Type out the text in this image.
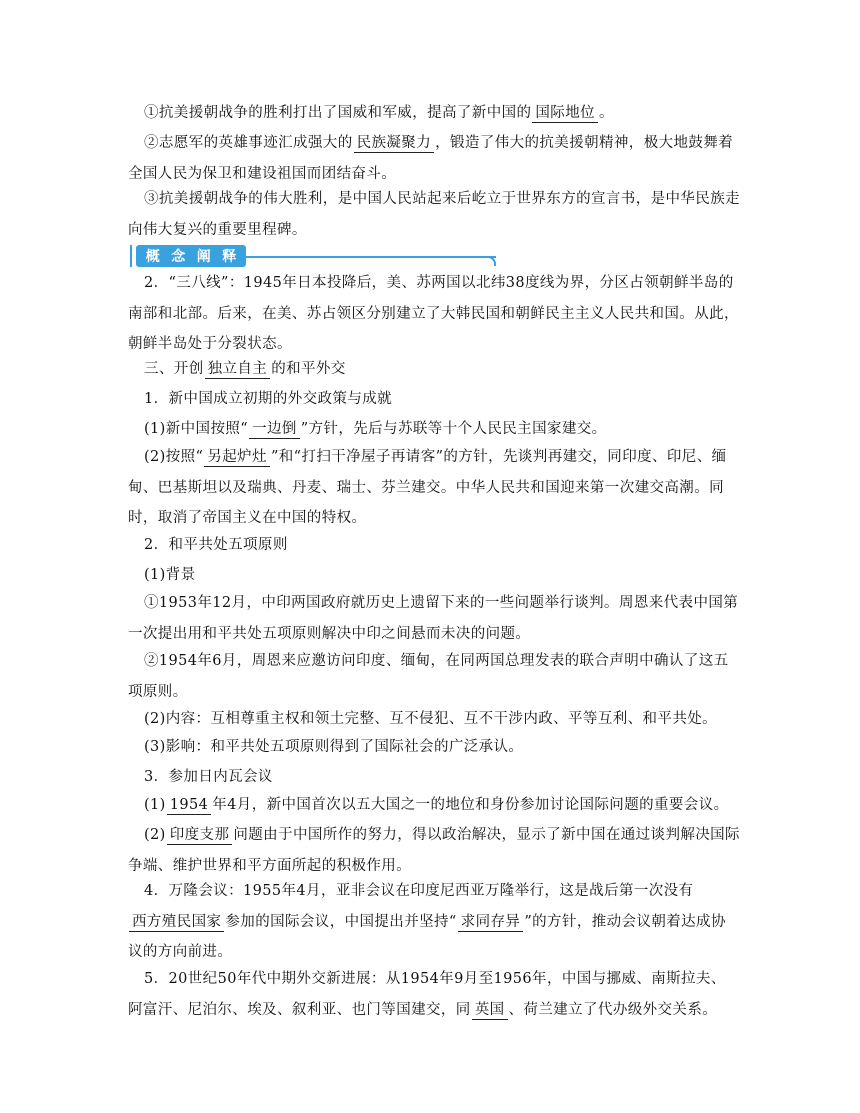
①抗美援朝战争的胜利打出了国威和军威，提高了新中国的 国际地位 。

②志愿军的英雄事迹汇成强大的 民族凝聚力 ，锻造了伟大的抗美援朝精神，极大地鼓舞着全国人民为保卫和建设祖国而团结奋斗。

③抗美援朝战争的伟大胜利，是中国人民站起来后屹立于世界东方的宣言书，是中华民族走向伟大复兴的重要里程碑。

概 念 阐 释

2．“三八线”：1945年日本投降后，美、苏两国以北纬38度线为界，分区占领朝鲜半岛的南部和北部。后来，在美、苏占领区分别建立了大韩民国和朝鲜民主主义人民共和国。从此，朝鲜半岛处于分裂状态。

三、开创 独立自主 的和平外交

1．新中国成立初期的外交政策与成就

(1)新中国按照“ 一边倒 ”方针，先后与苏联等十个人民民主国家建交。

(2)按照“ 另起炉灶 ”和“打扫干净屋子再请客”的方针，先谈判再建交，同印度、印尼、缅甸、巴基斯坦以及瑞典、丹麦、瑞士、芬兰建交。中华人民共和国迎来第一次建交高潮。同时，取消了帝国主义在中国的特权。

2．和平共处五项原则

(1)背景

①1953年12月，中印两国政府就历史上遗留下来的一些问题举行谈判。周恩来代表中国第一次提出用和平共处五项原则解决中印之间悬而未决的问题。

②1954年6月，周恩来应邀访问印度、缅甸，在同两国总理发表的联合声明中确认了这五项原则。

(2)内容：互相尊重主权和领土完整、互不侵犯、互不干涉内政、平等互利、和平共处。

(3)影响：和平共处五项原则得到了国际社会的广泛承认。

3．参加日内瓦会议

(1) 1954 年4月，新中国首次以五大国之一的地位和身份参加讨论国际问题的重要会议。

(2) 印度支那 问题由于中国所作的努力，得以政治解决，显示了新中国在通过谈判解决国际争端、维护世界和平方面所起的积极作用。

4．万隆会议：1955年4月，亚非会议在印度尼西亚万隆举行，这是战后第一次没有西方殖民国家 参加的国际会议，中国提出并坚持“ 求同存异 ”的方针，推动会议朝着达成协议的方向前进。

5．20世纪50年代中期外交新进展：从1954年9月至1956年，中国与挪威、南斯拉夫、阿富汗、尼泊尔、埃及、叙利亚、也门等国建交，同 英国 、荷兰建立了代办级外交关系。
